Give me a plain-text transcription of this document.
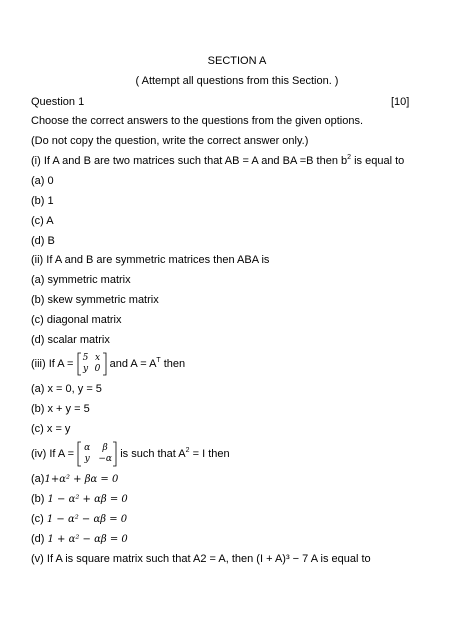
SECTION A
( Attempt all questions from this Section. )
Question 1	[10]
Choose the correct answers to the questions from the given options.
(Do not copy the question, write the correct answer only.)
(i) If A and B are two matrices such that AB = A and BA =B then $b^2$ is equal to
(a) 0
(b) 1
(c) A
(d) B
(ii) If A and B are symmetric matrices then ABA is
(a) symmetric matrix
(b) skew symmetric matrix
(c) diagonal matrix
(d) scalar matrix
(iii) If A = 5 x
y 0 and $A = A^T$ then
(a) x = 0, y = 5
(b) x + y = 5
(c) x = y
(iv) If A = α	β
y −α is such that $A^2 = I$ then
(a)1+α² + βα = 0
(b) 1 − α² + αβ = 0
(c) 1 − α² − αβ = 0
(d) 1 + α² − αβ = 0
(v) If A is square matrix such that A2 = A, then (I + A)³ − 7 A is equal to
